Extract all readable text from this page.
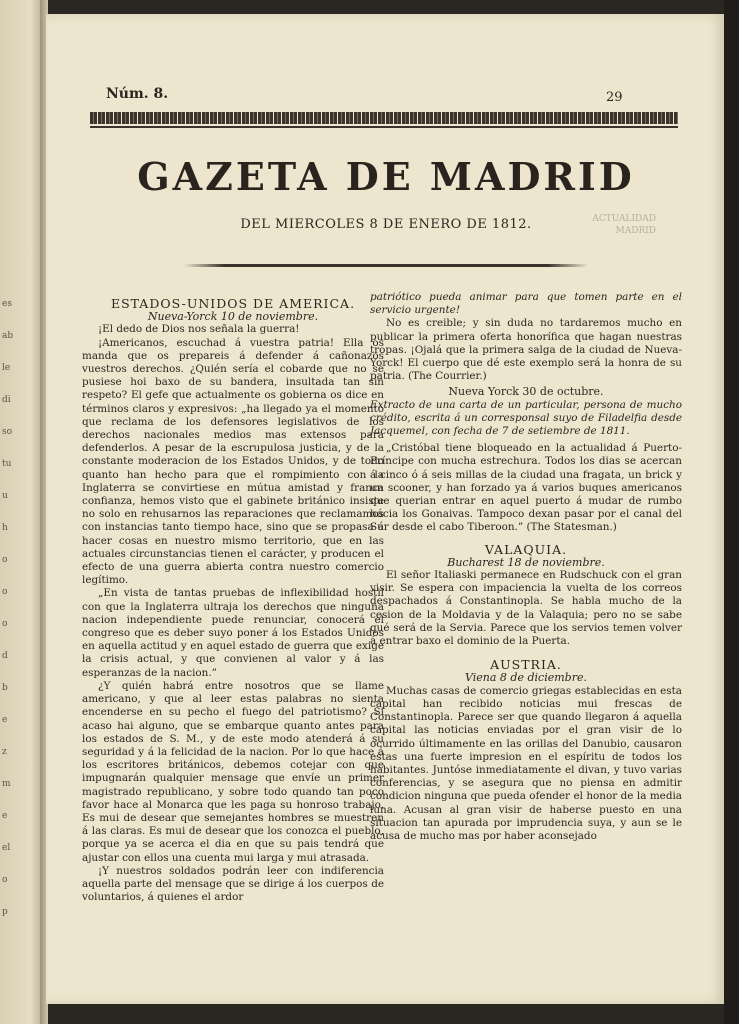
es
ab
le
di
so
tu
u
h
o
o
o
d
b
e
z
m
e
el
o
p
Núm. 8.	29
GAZETA DE MADRID
DEL MIERCOLES 8 DE ENERO DE 1812.	ACTUALIDAD
MADRID

ESTADOS-UNIDOS DE AMERICA.

Nueva-Yorck 10 de noviembre.

¡El dedo de Dios nos señala la guerra!

¡Americanos, escuchad á vuestra patria! Ella os manda que os prepareis á defender á cañonazos vuestros derechos. ¿Quién sería el cobarde que no se pusiese hoi baxo de su bandera, insultada tan sin respeto? El gefe que actualmente os gobierna os dice en términos claros y expresivos: „ha llegado ya el momento que reclama de los defensores legislativos de los derechos nacionales medios mas extensos para defenderlos. A pesar de la escrupulosa justicia, y de la constante moderacion de los Estados Unidos, y de todo quanto han hecho para que el rompimiento con la Inglaterra se convirtiese en mútua amistad y franca confianza, hemos visto que el gabinete británico insiste no solo en rehusarnos las reparaciones que reclamamos con instancias tanto tiempo hace, sino que se propasa á hacer cosas en nuestro mismo territorio, que en las actuales circunstancias tienen el carácter, y producen el efecto de una guerra abierta contra nuestro comercio legítimo.

„En vista de tantas pruebas de inflexibilidad hostil con que la Inglaterra ultraja los derechos que ninguna nacion independiente puede renunciar, conocerá el congreso que es deber suyo poner á los Estados Unidos en aquella actitud y en aquel estado de guerra que exige la crisis actual, y que convienen al valor y á las esperanzas de la nacion.”

¿Y quién habrá entre nosotros que se llame americano, y que al leer estas palabras no sienta encenderse en su pecho el fuego del patriotismo? Si acaso hai alguno, que se embarque quanto antes para los estados de S. M., y de este modo atenderá á su seguridad y á la felicidad de la nacion. Por lo que hace á los escritores británicos, debemos cotejar con que impugnarán qualquier mensage que envíe un primer magistrado republicano, y sobre todo quando tan poco favor hace al Monarca que les paga su honroso trabajo. Es mui de desear que semejantes hombres se muestren á las claras. Es mui de desear que los conozca el pueblo, porque ya se acerca el dia en que su pais tendrá que ajustar con ellos una cuenta mui larga y mui atrasada.

¡Y nuestros soldados podrán leer con indiferencia aquella parte del mensage que se dirige á los cuerpos de voluntarios, á quienes el ardor

patriótico pueda animar para que tomen parte en el servicio urgente!

No es creible; y sin duda no tardaremos mucho en publicar la primera oferta honorífica que hagan nuestras tropas. ¡Ojalá que la primera salga de la ciudad de Nueva-Yorck! El cuerpo que dé este exemplo será la honra de su patria. (The Courrier.)

Nueva Yorck 30 de octubre.

Extracto de una carta de un particular, persona de mucho crédito, escrita á un corresponsal suyo de Filadelfia desde Jacquemel, con fecha de 7 de setiembre de 1811.

„Cristóbal tiene bloqueado en la actualidad á Puerto-Príncipe con mucha estrechura. Todos los dias se acercan á cinco ó á seis millas de la ciudad una fragata, un brick y un scooner, y han forzado ya á varios buques americanos que querian entrar en aquel puerto á mudar de rumbo hácia los Gonaivas. Tampoco dexan pasar por el canal del Sur desde el cabo Tiberoon.” (The Statesman.)

VALAQUIA.

Bucharest 18 de noviembre.

El señor Italiaski permanece en Rudschuck con el gran visir. Se espera con impaciencia la vuelta de los correos despachados á Constantinopla. Se habla mucho de la cesion de la Moldavia y de la Valaquia; pero no se sabe qué será de la Servia. Parece que los servios temen volver á entrar baxo el dominio de la Puerta.

AUSTRIA.

Viena 8 de diciembre.

Muchas casas de comercio griegas establecidas en esta capital han recibido noticias mui frescas de Constantinopla. Parece ser que quando llegaron á aquella capital las noticias enviadas por el gran visir de lo ocurrido últimamente en las orillas del Danubio, causaron estas una fuerte impresion en el espíritu de todos los habitantes. Juntóse inmediatamente el divan, y tuvo varias conferencias, y se asegura que no piensa en admitir condicion ninguna que pueda ofender el honor de la media luna. Acusan al gran visir de haberse puesto en una situacion tan apurada por imprudencia suya, y aun se le acusa de mucho mas por haber aconsejado
